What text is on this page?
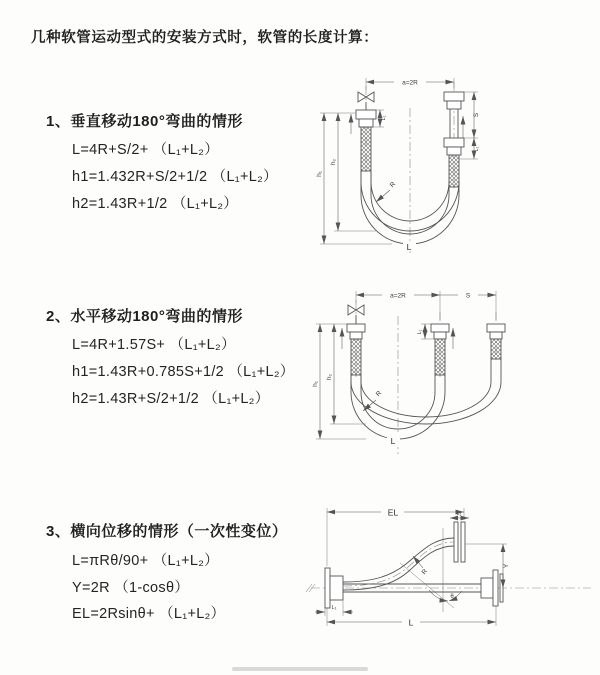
几种软管运动型式的安装方式时，软管的长度计算：
1、垂直移动180°弯曲的情形
L=4R+S/2+ （L₁+L₂）
h1=1.432R+S/2+1/2 （L₁+L₂）
h2=1.43R+1/2 （L₁+L₂）
2、水平移动180°弯曲的情形
L=4R+1.57S+ （L₁+L₂）
h1=1.43R+0.785S+1/2 （L₁+L₂）
h2=1.43R+S/2+1/2 （L₁+L₂）
3、横向位移的情形（一次性变位）
L=πRθ/90+ （L₁+L₂）
Y=2R （1-cosθ）
EL=2Rsinθ+ （L₁+L₂）
a=2R
h₁
h₂
L₁
S
L₁
R
L
a=2R	S
h₁
h₂
L₁
R
L
EL	L₁
Y
L
L₁
R
θ
